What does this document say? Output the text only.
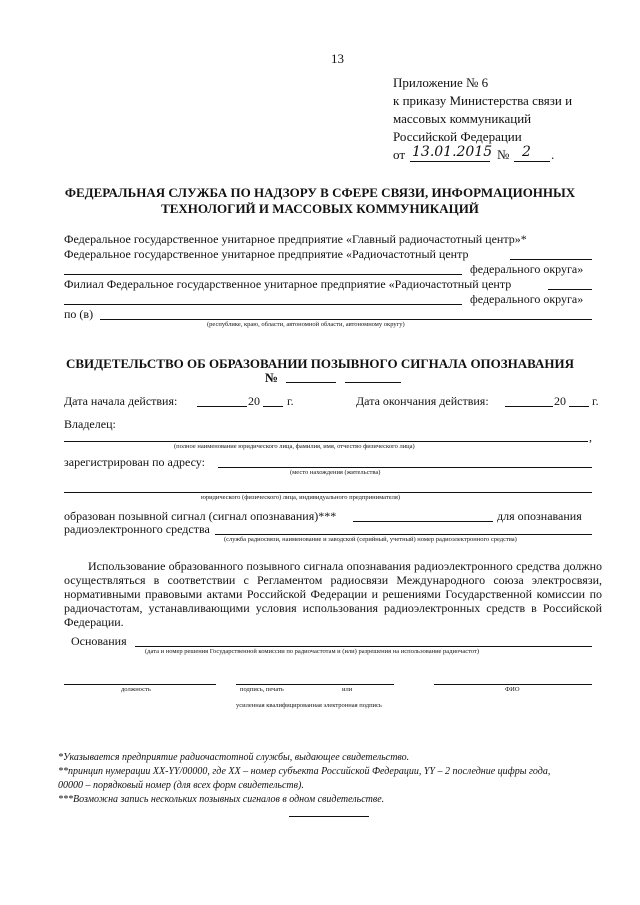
13
Приложение № 6
к приказу Министерства связи и
массовых коммуникаций
Российской Федерации
от 13.01.2015 № 2 .
ФЕДЕРАЛЬНАЯ СЛУЖБА ПО НАДЗОРУ В СФЕРЕ СВЯЗИ, ИНФОРМАЦИОННЫХ
ТЕХНОЛОГИЙ И МАССОВЫХ КОММУНИКАЦИЙ
Федеральное государственное унитарное предприятие «Главный радиочастотный центр»*
Федеральное государственное унитарное предприятие «Радиочастотный центр
федерального округа»
Филиал Федеральное государственное унитарное предприятие «Радиочастотный центр
федерального округа»
по (в)
(республике, краю, области, автономной области, автономному округу)
СВИДЕТЕЛЬСТВО ОБ ОБРАЗОВАНИИ ПОЗЫВНОГО СИГНАЛА ОПОЗНАВАНИЯ
№
Дата начала действия:	20 г.	Дата окончания действия:	20 г.
Владелец:
,
(полное наименование юридического лица, фамилия, имя, отчество физического лица)
зарегистрирован по адресу:
(место нахождения (жительства)
юридического (физического) лица, индивидуального предпринимателя)
образован позывной сигнал (сигнал опознавания)***	для опознавания
радиоэлектронного средства
(служба радиосвязи, наименование и заводской (серийный, учетный) номер радиоэлектронного средства)
Использование образованного позывного сигнала опознавания радиоэлектронного средства должно осуществляться в соответствии с Регламентом радиосвязи Международного союза электросвязи, нормативными правовыми актами Российской Федерации и решениями Государственной комиссии по радиочастотам, устанавливающими условия использования радиоэлектронных средств в Российской Федерации.
Основания
(дата и номер решения Государственной комиссии по радиочастотам и (или) разрешения на использование радиочастот)
должность	подпись, печать	или	ФИО
усиленная квалифицированная электронная подпись
*Указывается предприятие радиочастотной службы, выдающее свидетельство.
**принцип нумерации XX-YY/00000, где XX – номер субъекта Российской Федерации, YY – 2 последние цифры года,
00000 – порядковый номер (для всех форм свидетельств).
***Возможна запись нескольких позывных сигналов в одном свидетельстве.
